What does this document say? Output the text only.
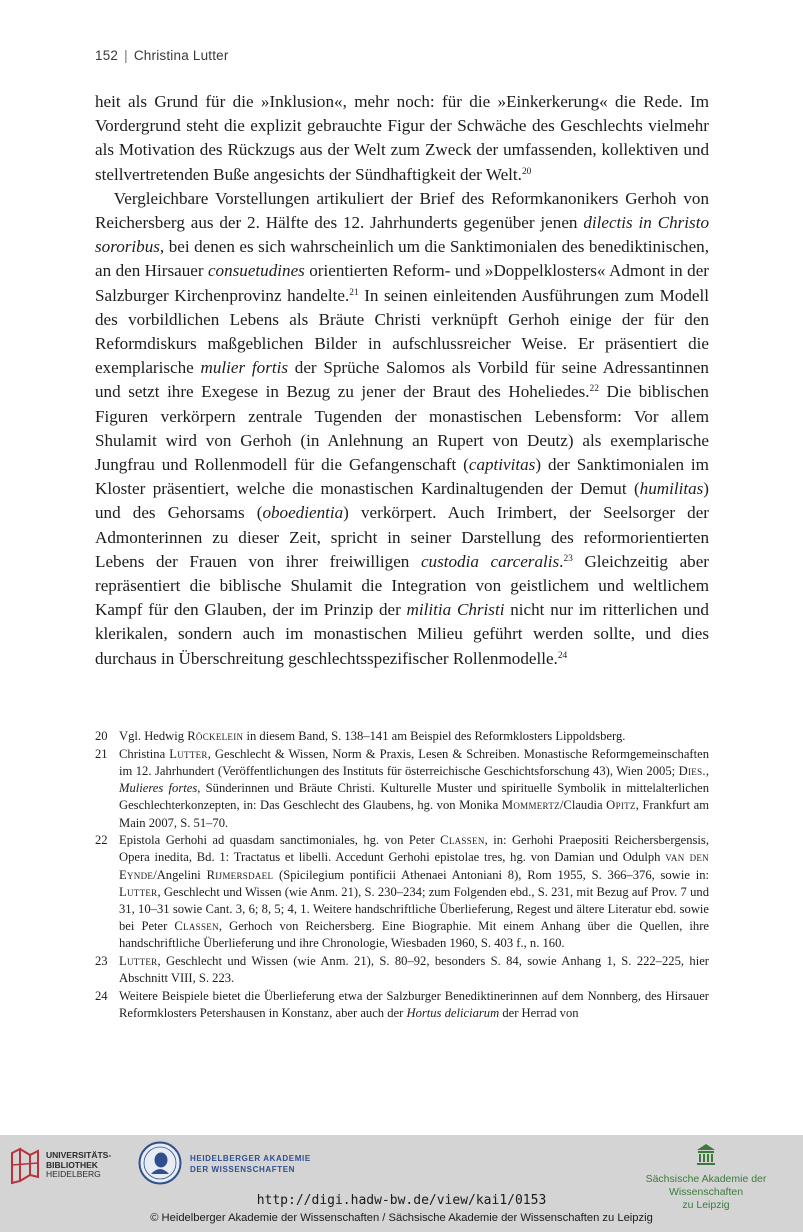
152 | Christina Lutter

heit als Grund für die »Inklusion«, mehr noch: für die »Einkerkerung« die Rede. Im Vordergrund steht die explizit gebrauchte Figur der Schwäche des Geschlechts vielmehr als Motivation des Rückzugs aus der Welt zum Zweck der umfassenden, kollektiven und stellvertretenden Buße angesichts der Sündhaftigkeit der Welt.$^{20}$

Vergleichbare Vorstellungen artikuliert der Brief des Reformkanonikers Gerhoh von Reichersberg aus der 2. Hälfte des 12. Jahrhunderts gegenüber jenen dilectis in Christo sororibus, bei denen es sich wahrscheinlich um die Sanktimonialen des benediktinischen, an den Hirsauer consuetudines orientierten Reform- und »Doppelklosters« Admont in der Salzburger Kirchenprovinz handelte.$^{21}$ In seinen einleitenden Ausführungen zum Modell des vorbildlichen Lebens als Bräute Christi verknüpft Gerhoh einige der für den Reformdiskurs maßgeblichen Bilder in aufschlussreicher Weise. Er präsentiert die exemplarische mulier fortis der Sprüche Salomos als Vorbild für seine Adressantinnen und setzt ihre Exegese in Bezug zu jener der Braut des Hoheliedes.$^{22}$ Die biblischen Figuren verkörpern zentrale Tugenden der monastischen Lebensform: Vor allem Shulamit wird von Gerhoh (in Anlehnung an Rupert von Deutz) als exemplarische Jungfrau und Rollenmodell für die Gefangenschaft (captivitas) der Sanktimonialen im Kloster präsentiert, welche die monastischen Kardinaltugenden der Demut (humilitas) und des Gehorsams (oboedientia) verkörpert. Auch Irimbert, der Seelsorger der Admonterinnen zu dieser Zeit, spricht in seiner Darstellung des reformorientierten Lebens der Frauen von ihrer freiwilligen custodia carceralis.$^{23}$ Gleichzeitig aber repräsentiert die biblische Shulamit die Integration von geistlichem und weltlichem Kampf für den Glauben, der im Prinzip der militia Christi nicht nur im ritterlichen und klerikalen, sondern auch im monastischen Milieu geführt werden sollte, und dies durchaus in Überschreitung geschlechtsspezifischer Rollenmodelle.$^{24}$

20 Vgl. Hedwig Röckelein in diesem Band, S. 138–141 am Beispiel des Reformklosters Lippoldsberg.
21 Christina Lutter, Geschlecht & Wissen, Norm & Praxis, Lesen & Schreiben. Monastische Reformgemeinschaften im 12. Jahrhundert (Veröffentlichungen des Instituts für österreichische Geschichtsforschung 43), Wien 2005; Dies., Mulieres fortes, Sünderinnen und Bräute Christi. Kulturelle Muster und spirituelle Symbolik in mittelalterlichen Geschlechterkonzepten, in: Das Geschlecht des Glaubens, hg. von Monika Mommertz/Claudia Opitz, Frankfurt am Main 2007, S. 51–70.
22 Epistola Gerhohi ad quasdam sanctimoniales, hg. von Peter Classen, in: Gerhohi Praepositi Reichersbergensis, Opera inedita, Bd. 1: Tractatus et libelli. Accedunt Gerhohi epistolae tres, hg. von Damian und Odulph van den Eynde/Angelini Rijmersdael (Spicilegium pontificii Athenaei Antoniani 8), Rom 1955, S. 366–376, sowie in: Lutter, Geschlecht und Wissen (wie Anm. 21), S. 230–234; zum Folgenden ebd., S. 231, mit Bezug auf Prov. 7 und 31, 10–31 sowie Cant. 3, 6; 8, 5; 4, 1. Weitere handschriftliche Überlieferung, Regest und ältere Literatur ebd. sowie bei Peter Classen, Gerhoch von Reichersberg. Eine Biographie. Mit einem Anhang über die Quellen, ihre handschriftliche Überlieferung und ihre Chronologie, Wiesbaden 1960, S. 403 f., n. 160.
23 Lutter, Geschlecht und Wissen (wie Anm. 21), S. 80–92, besonders S. 84, sowie Anhang 1, S. 222–225, hier Abschnitt VIII, S. 223.
24 Weitere Beispiele bietet die Überlieferung etwa der Salzburger Benediktinerinnen auf dem Nonnberg, des Hirsauer Reformklosters Petershausen in Konstanz, aber auch der Hortus deliciarum der Herrad von
UNIVERSITÄTS-
BIBLIOTHEK
HEIDELBERG
HEIDELBERGER AKADEMIE
DER WISSENSCHAFTEN
Sächsische Akademie der Wissenschaften
zu Leipzig
http://digi.hadw-bw.de/view/kai1/0153
© Heidelberger Akademie der Wissenschaften / Sächsische Akademie der Wissenschaften zu Leipzig
